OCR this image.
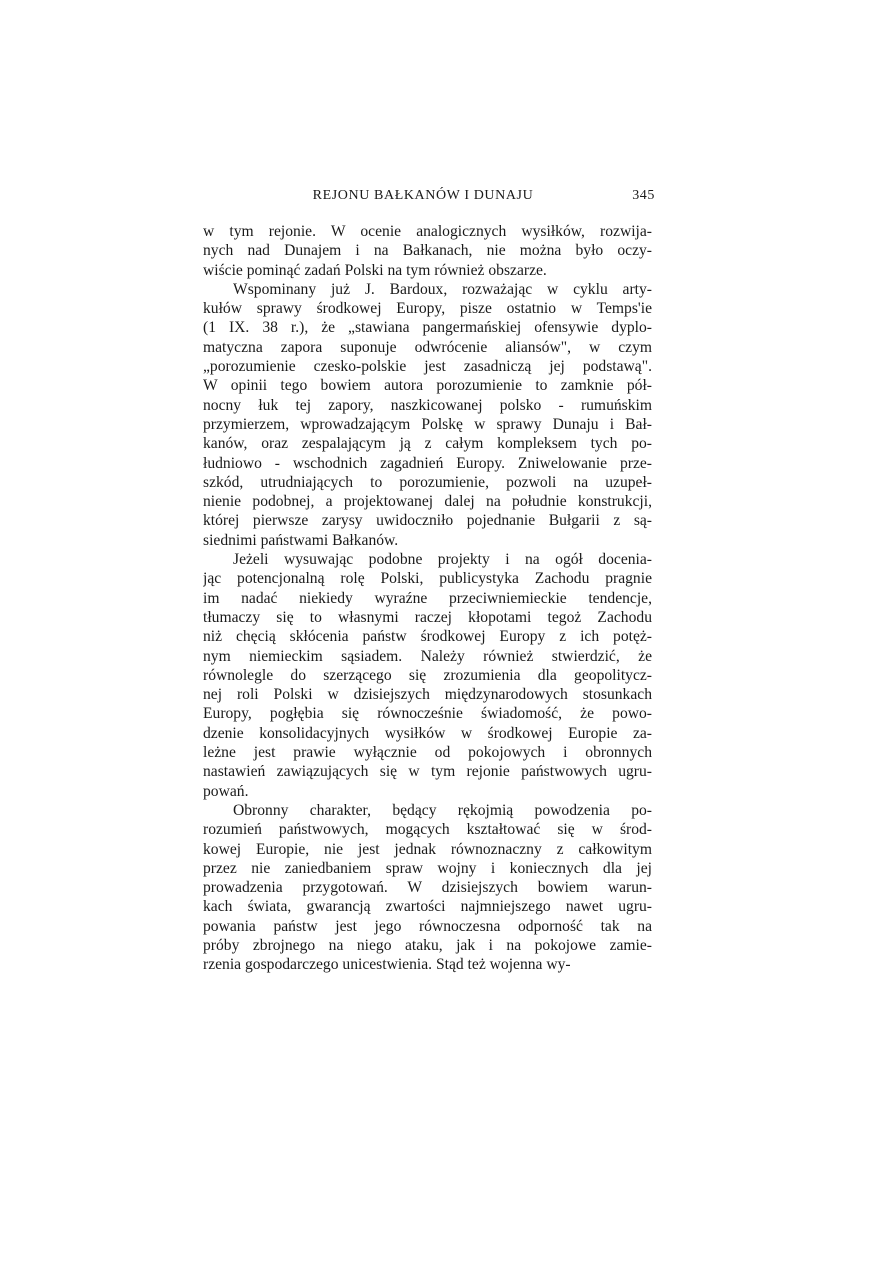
REJONU BAŁKANÓW I DUNAJU	345
w tym rejonie. W ocenie analogicznych wysiłków, rozwija-
nych nad Dunajem i na Bałkanach, nie można było oczy-
wiście pominąć zadań Polski na tym również obszarze.
Wspominany już J. Bardoux, rozważając w cyklu arty-
kułów sprawy środkowej Europy, pisze ostatnio w Temps'ie
(1 IX. 38 r.), że „stawiana pangermańskiej ofensywie dyplo-
matyczna zapora suponuje odwrócenie aliansów", w czym
„porozumienie czesko-polskie jest zasadniczą jej podstawą".
W opinii tego bowiem autora porozumienie to zamknie pół-
nocny łuk tej zapory, naszkicowanej polsko - rumuńskim
przymierzem, wprowadzającym Polskę w sprawy Dunaju i Bał-
kanów, oraz zespalającym ją z całym kompleksem tych po-
łudniowo - wschodnich zagadnień Europy. Zniwelowanie prze-
szkód, utrudniających to porozumienie, pozwoli na uzupeł-
nienie podobnej, a projektowanej dalej na południe konstrukcji,
której pierwsze zarysy uwidoczniło pojednanie Bułgarii z są-
siednimi państwami Bałkanów.
Jeżeli wysuwając podobne projekty i na ogół docenia-
jąc potencjonalną rolę Polski, publicystyka Zachodu pragnie
im nadać niekiedy wyraźne przeciwniemieckie tendencje,
tłumaczy się to własnymi raczej kłopotami tegoż Zachodu
niż chęcią skłócenia państw środkowej Europy z ich potęż-
nym niemieckim sąsiadem. Należy również stwierdzić, że
równolegle do szerzącego się zrozumienia dla geopolitycz-
nej roli Polski w dzisiejszych międzynarodowych stosunkach
Europy, pogłębia się równocześnie świadomość, że powo-
dzenie konsolidacyjnych wysiłków w środkowej Europie za-
leżne jest prawie wyłącznie od pokojowych i obronnych
nastawień zawiązujących się w tym rejonie państwowych ugru-
powań.
Obronny charakter, będący rękojmią powodzenia po-
rozumień państwowych, mogących kształtować się w środ-
kowej Europie, nie jest jednak równoznaczny z całkowitym
przez nie zaniedbaniem spraw wojny i koniecznych dla jej
prowadzenia przygotowań. W dzisiejszych bowiem warun-
kach świata, gwarancją zwartości najmniejszego nawet ugru-
powania państw jest jego równoczesna odporność tak na
próby zbrojnego na niego ataku, jak i na pokojowe zamie-
rzenia gospodarczego unicestwienia. Stąd też wojenna wy-
